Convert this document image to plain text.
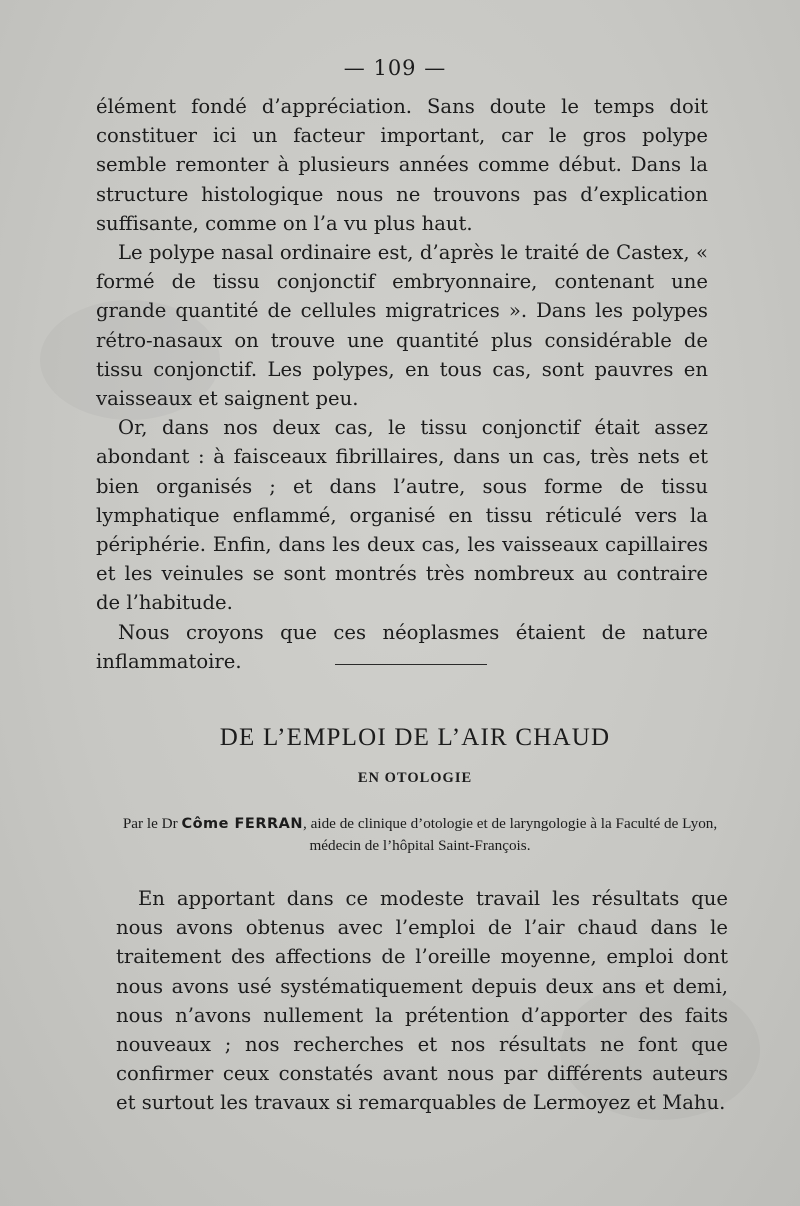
— 109 —

élément fondé d’appréciation. Sans doute le temps doit constituer ici un facteur important, car le gros polype semble remonter à plusieurs années comme début. Dans la structure histologique nous ne trouvons pas d’explication suffisante, comme on l’a vu plus haut.

Le polype nasal ordinaire est, d’après le traité de Castex, « formé de tissu conjonctif embryonnaire, contenant une grande quantité de cellules migratrices ». Dans les polypes rétro-nasaux on trouve une quantité plus considérable de tissu conjonctif. Les polypes, en tous cas, sont pauvres en vaisseaux et saignent peu.

Or, dans nos deux cas, le tissu conjonctif était assez abondant : à faisceaux fibrillaires, dans un cas, très nets et bien organisés ; et dans l’autre, sous forme de tissu lymphatique enflammé, organisé en tissu réticulé vers la périphérie. Enfin, dans les deux cas, les vaisseaux capillaires et les veinules se sont montrés très nombreux au contraire de l’habitude.

Nous croyons que ces néoplasmes étaient de nature inflammatoire.

DE L’EMPLOI DE L’AIR CHAUD
EN OTOLOGIE
Par le Dr Côme FERRAN, aide de clinique d’otologie et de laryngologie à la Faculté de Lyon, médecin de l’hôpital Saint-François.

En apportant dans ce modeste travail les résultats que nous avons obtenus avec l’emploi de l’air chaud dans le traitement des affections de l’oreille moyenne, emploi dont nous avons usé systématiquement depuis deux ans et demi, nous n’avons nullement la prétention d’apporter des faits nouveaux ; nos recherches et nos résultats ne font que confirmer ceux constatés avant nous par différents auteurs et surtout les travaux si remarquables de Lermoyez et Mahu.
